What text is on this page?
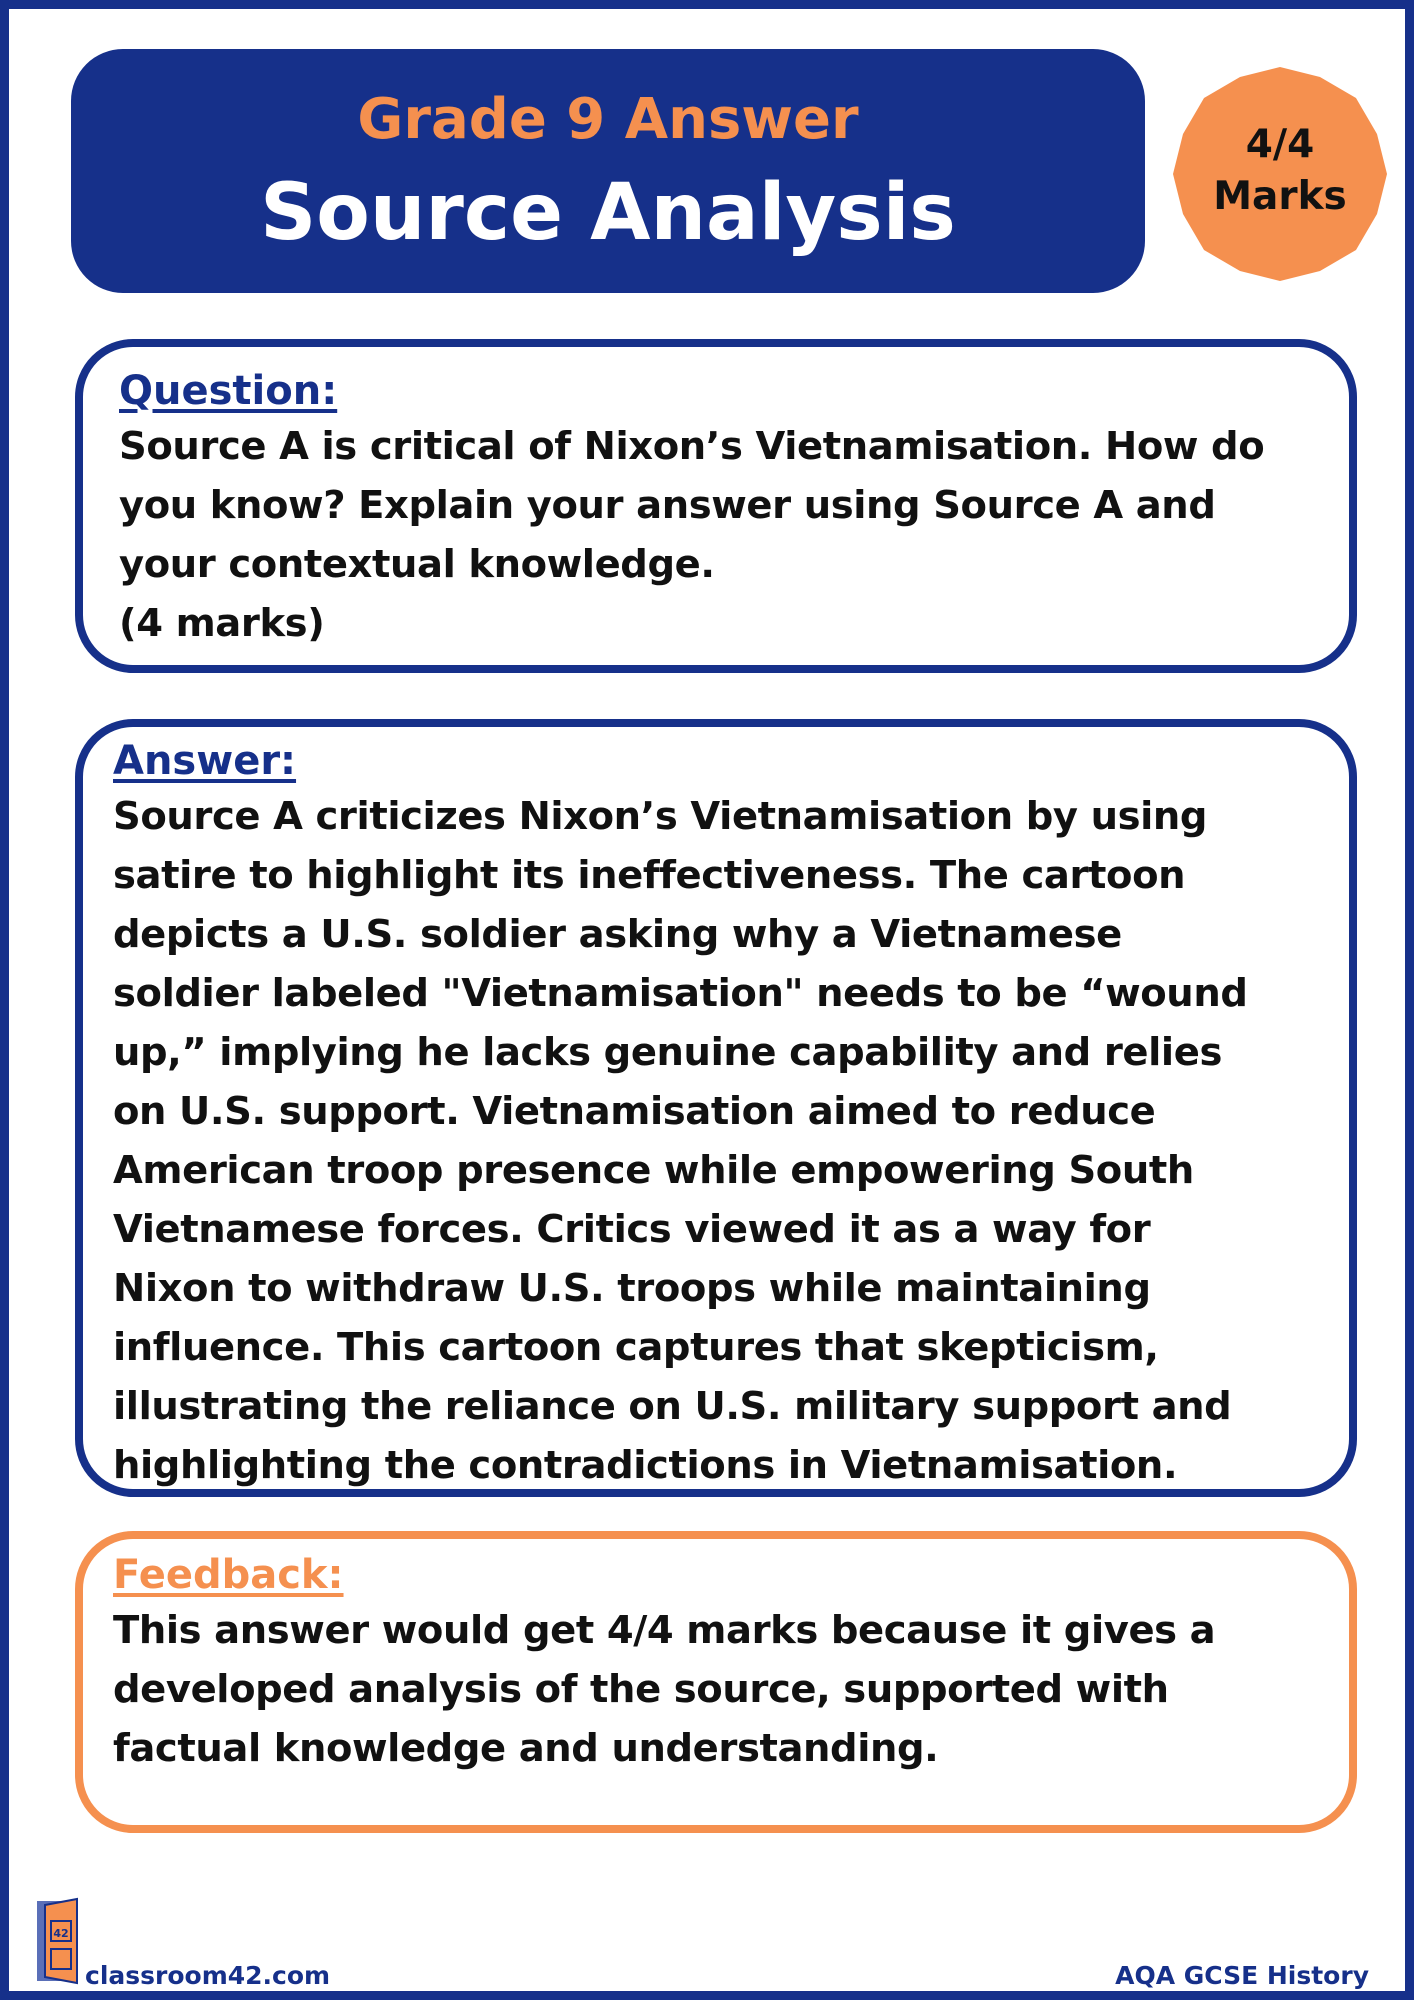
Grade 9 Answer
Source Analysis
4/4
Marks
Question:
Source A is critical of Nixon’s Vietnamisation. How do
you know? Explain your answer using Source A and
your contextual knowledge.
(4 marks)
Answer:
Source A criticizes Nixon’s Vietnamisation by using
satire to highlight its ineffectiveness. The cartoon
depicts a U.S. soldier asking why a Vietnamese
soldier labeled "Vietnamisation" needs to be “wound
up,” implying he lacks genuine capability and relies
on U.S. support. Vietnamisation aimed to reduce
American troop presence while empowering South
Vietnamese forces. Critics viewed it as a way for
Nixon to withdraw U.S. troops while maintaining
influence. This cartoon captures that skepticism,
illustrating the reliance on U.S. military support and
highlighting the contradictions in Vietnamisation.
Feedback:
This answer would get 4/4 marks because it gives a
developed analysis of the source, supported with
factual knowledge and understanding.
42
classroom42.com	AQA GCSE History
